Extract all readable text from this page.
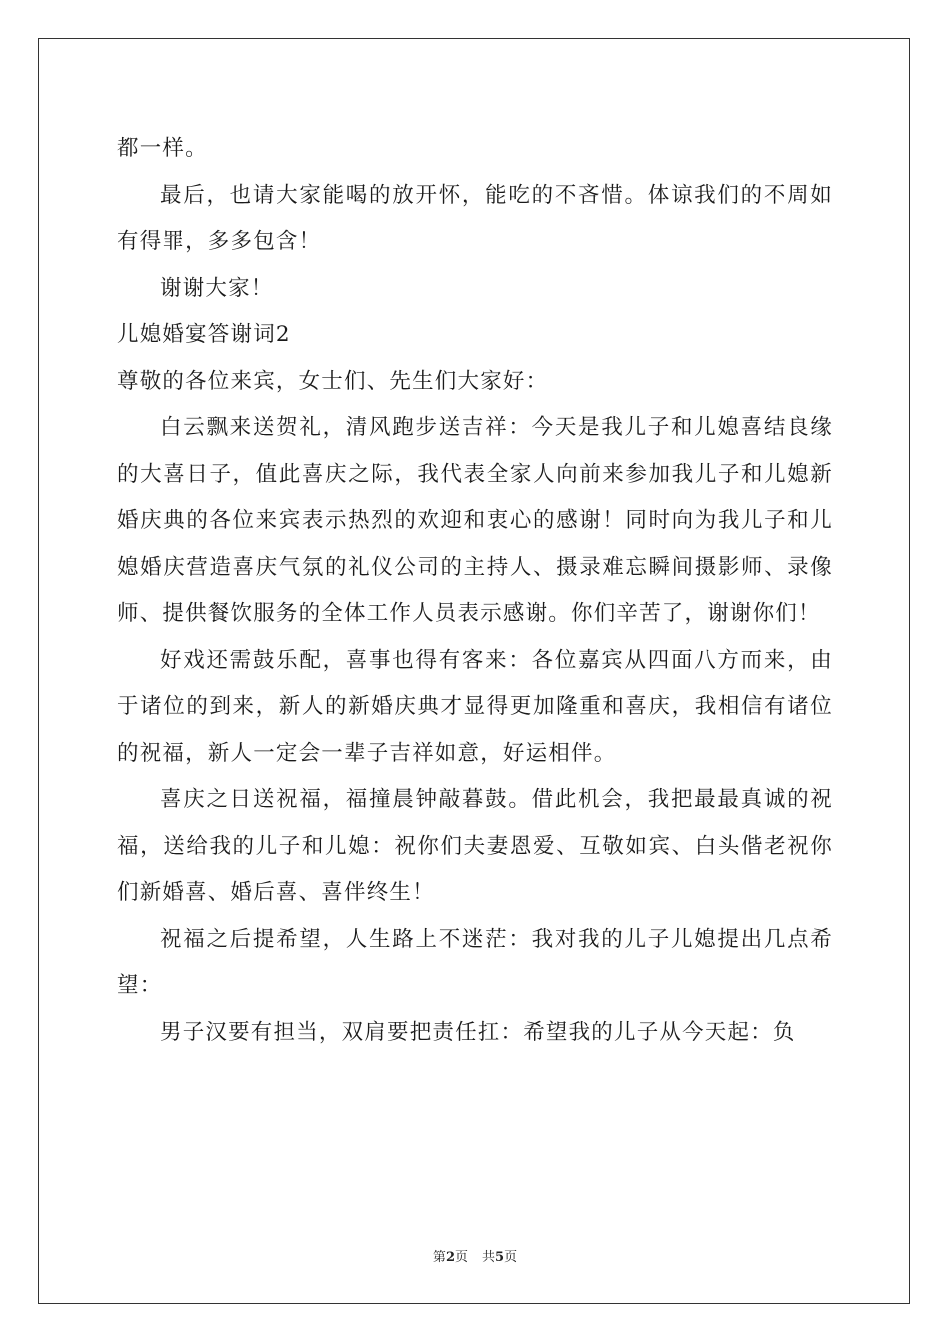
都一样。

最后，也请大家能喝的放开怀，能吃的不吝惜。体谅我们的不周如有得罪，多多包含！

谢谢大家！

儿媳婚宴答谢词2

尊敬的各位来宾，女士们、先生们大家好：

白云飘来送贺礼，清风跑步送吉祥：今天是我儿子和儿媳喜结良缘的大喜日子，值此喜庆之际，我代表全家人向前来参加我儿子和儿媳新婚庆典的各位来宾表示热烈的欢迎和衷心的感谢！同时向为我儿子和儿媳婚庆营造喜庆气氛的礼仪公司的主持人、摄录难忘瞬间摄影师、录像师、提供餐饮服务的全体工作人员表示感谢。你们辛苦了，谢谢你们！

好戏还需鼓乐配，喜事也得有客来：各位嘉宾从四面八方而来，由于诸位的到来，新人的新婚庆典才显得更加隆重和喜庆，我相信有诸位的祝福，新人一定会一辈子吉祥如意，好运相伴。

喜庆之日送祝福，福撞晨钟敲暮鼓。借此机会，我把最最真诚的祝福，送给我的儿子和儿媳：祝你们夫妻恩爱、互敬如宾、白头偕老祝你们新婚喜、婚后喜、喜伴终生！

祝福之后提希望，人生路上不迷茫：我对我的儿子儿媳提出几点希望：

男子汉要有担当，双肩要把责任扛：希望我的儿子从今天起：负

第2页 共5页
